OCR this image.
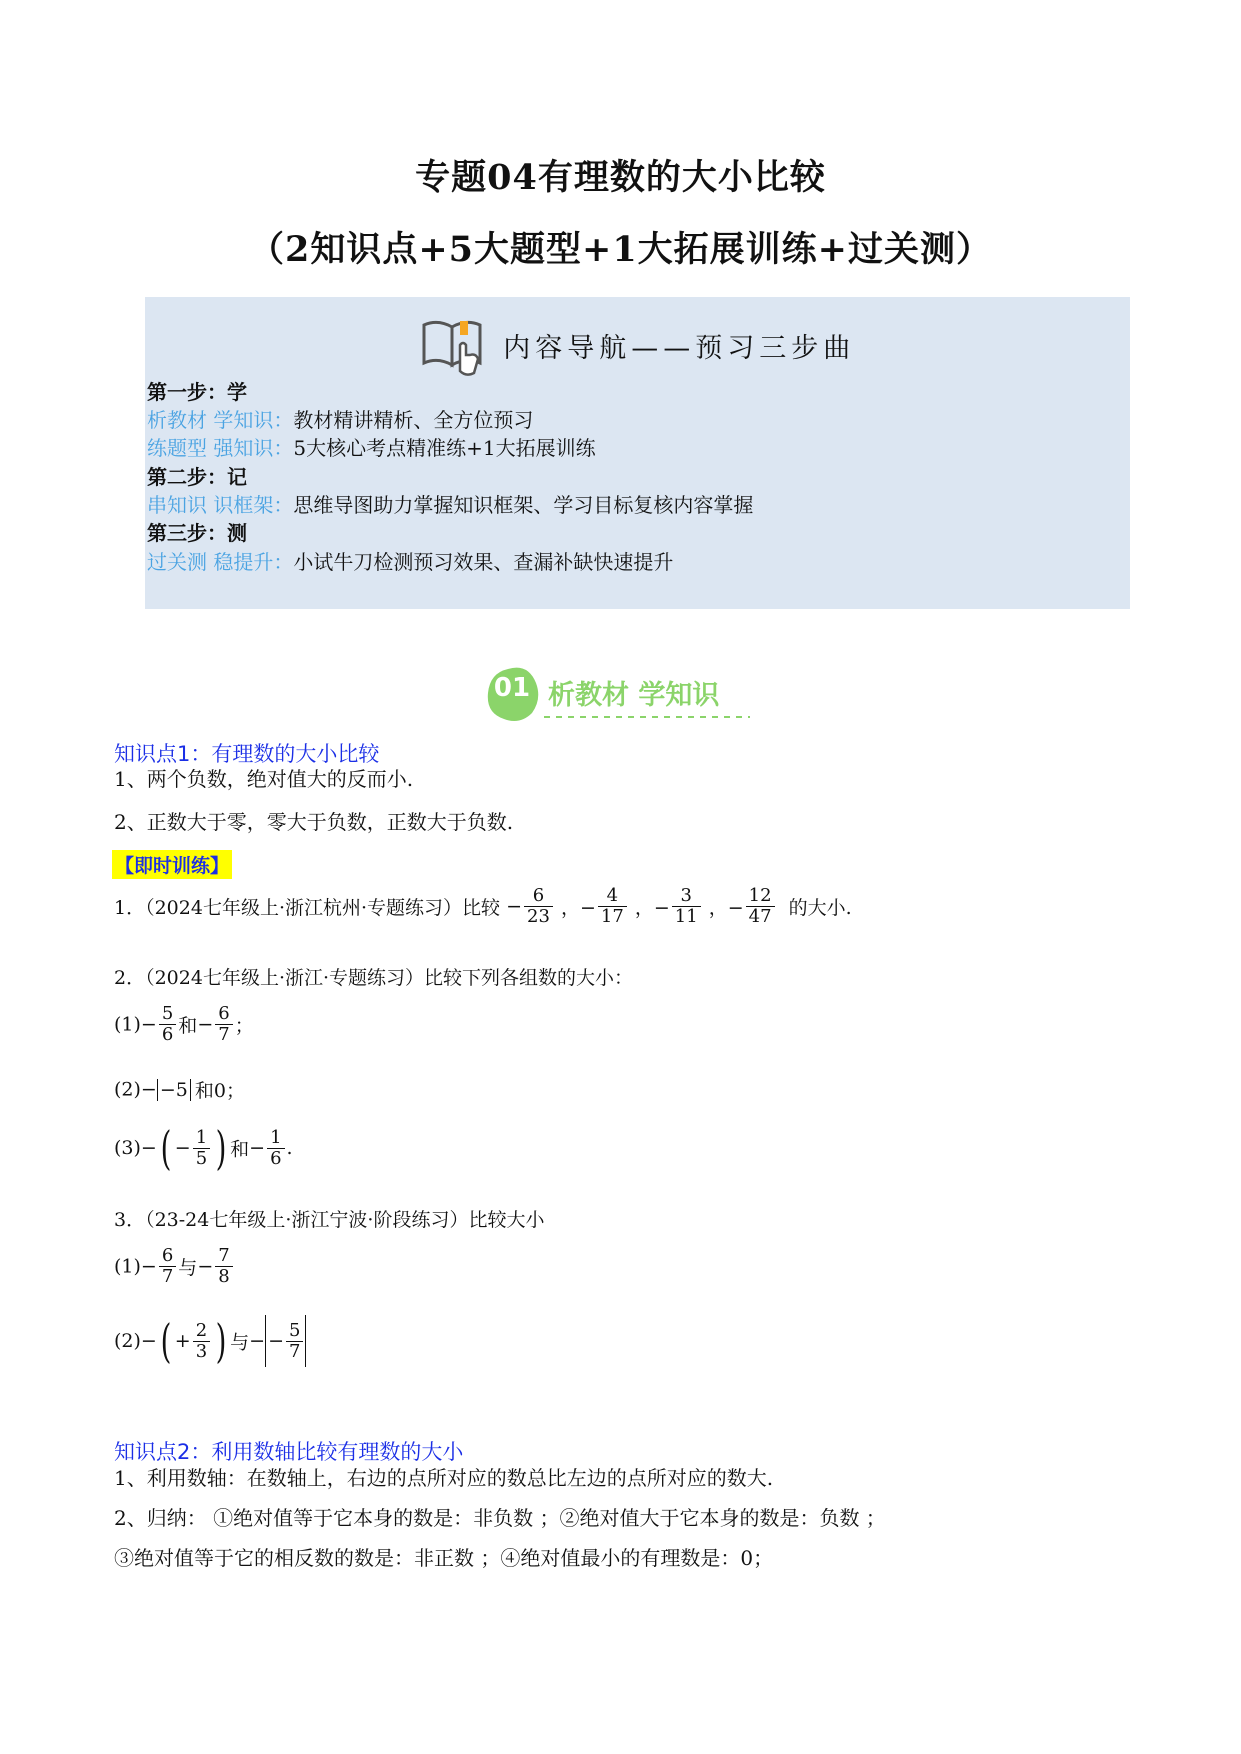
专题04有理数的大小比较
（2知识点+5大题型+1大拓展训练+过关测）
内容导航——预习三步曲
第一步：学
析教材 学知识：教材精讲精析、全方位预习
练题型 强知识：5大核心考点精准练+1大拓展训练
第二步：记
串知识 识框架：思维导图助力掌握知识框架、学习目标复核内容掌握
第三步：测
过关测 稳提升：小试牛刀检测预习效果、查漏补缺快速提升
01 析教材 学知识
知识点1：有理数的大小比较
1、两个负数，绝对值大的反而小.
2、正数大于零，零大于负数，正数大于负数.
【即时训练】
1．（2024七年级上·浙江杭州·专题练习）比较 − $\frac{6}{23}$ ，− $\frac{4}{17}$ ，− $\frac{3}{11}$ ，− $\frac{12}{47}$ 的大小.
2．（2024七年级上·浙江·专题练习）比较下列各组数的大小：
$(1)- \frac{5}{6}$ 和− $\frac{6}{7}$ ；
(2)− −5 和0；
$(3)-( - \frac{1}{5}$ ) 和− $\frac{1}{6}$ .
3．（23-24七年级上·浙江宁波·阶段练习）比较大小
$(1)- \frac{6}{7}$ 与− $\frac{7}{8}$
$(2)-( + \frac{2}{3}$ ) 与− − $\frac{5}{7}$
知识点2：利用数轴比较有理数的大小
1、利用数轴：在数轴上，右边的点所对应的数总比左边的点所对应的数大.
2、归纳： ①绝对值等于它本身的数是：非负数 ；②绝对值大于它本身的数是：负数 ；
③绝对值等于它的相反数的数是：非正数 ；④绝对值最小的有理数是：0；
